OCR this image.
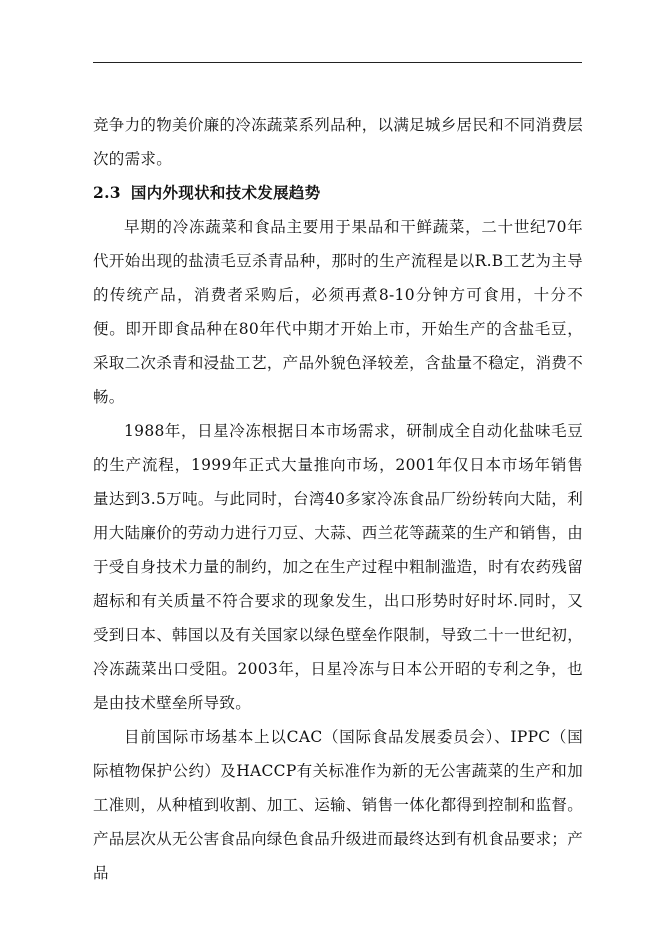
竞争力的物美价廉的冷冻蔬菜系列品种，以满足城乡居民和不同消费层次的需求。

2.3 国内外现状和技术发展趋势

早期的冷冻蔬菜和食品主要用于果品和干鲜蔬菜，二十世纪70年代开始出现的盐渍毛豆杀青品种，那时的生产流程是以R.B工艺为主导的传统产品，消费者采购后，必须再煮8-10分钟方可食用，十分不便。即开即食品种在80年代中期才开始上市，开始生产的含盐毛豆，采取二次杀青和浸盐工艺，产品外貌色泽较差，含盐量不稳定，消费不畅。

1988年，日星冷冻根据日本市场需求，研制成全自动化盐味毛豆的生产流程，1999年正式大量推向市场，2001年仅日本市场年销售量达到3.5万吨。与此同时，台湾40多家冷冻食品厂纷纷转向大陆，利用大陆廉价的劳动力进行刀豆、大蒜、西兰花等蔬菜的生产和销售，由于受自身技术力量的制约，加之在生产过程中粗制滥造，时有农药残留超标和有关质量不符合要求的现象发生，出口形势时好时坏.同时，又受到日本、韩国以及有关国家以绿色壁垒作限制，导致二十一世纪初，冷冻蔬菜出口受阻。2003年，日星冷冻与日本公开昭的专利之争，也是由技术壁垒所导致。

目前国际市场基本上以CAC（国际食品发展委员会）、IPPC（国际植物保护公约）及HACCP有关标准作为新的无公害蔬菜的生产和加工准则，从种植到收割、加工、运输、销售一体化都得到控制和监督。产品层次从无公害食品向绿色食品升级进而最终达到有机食品要求；产品
